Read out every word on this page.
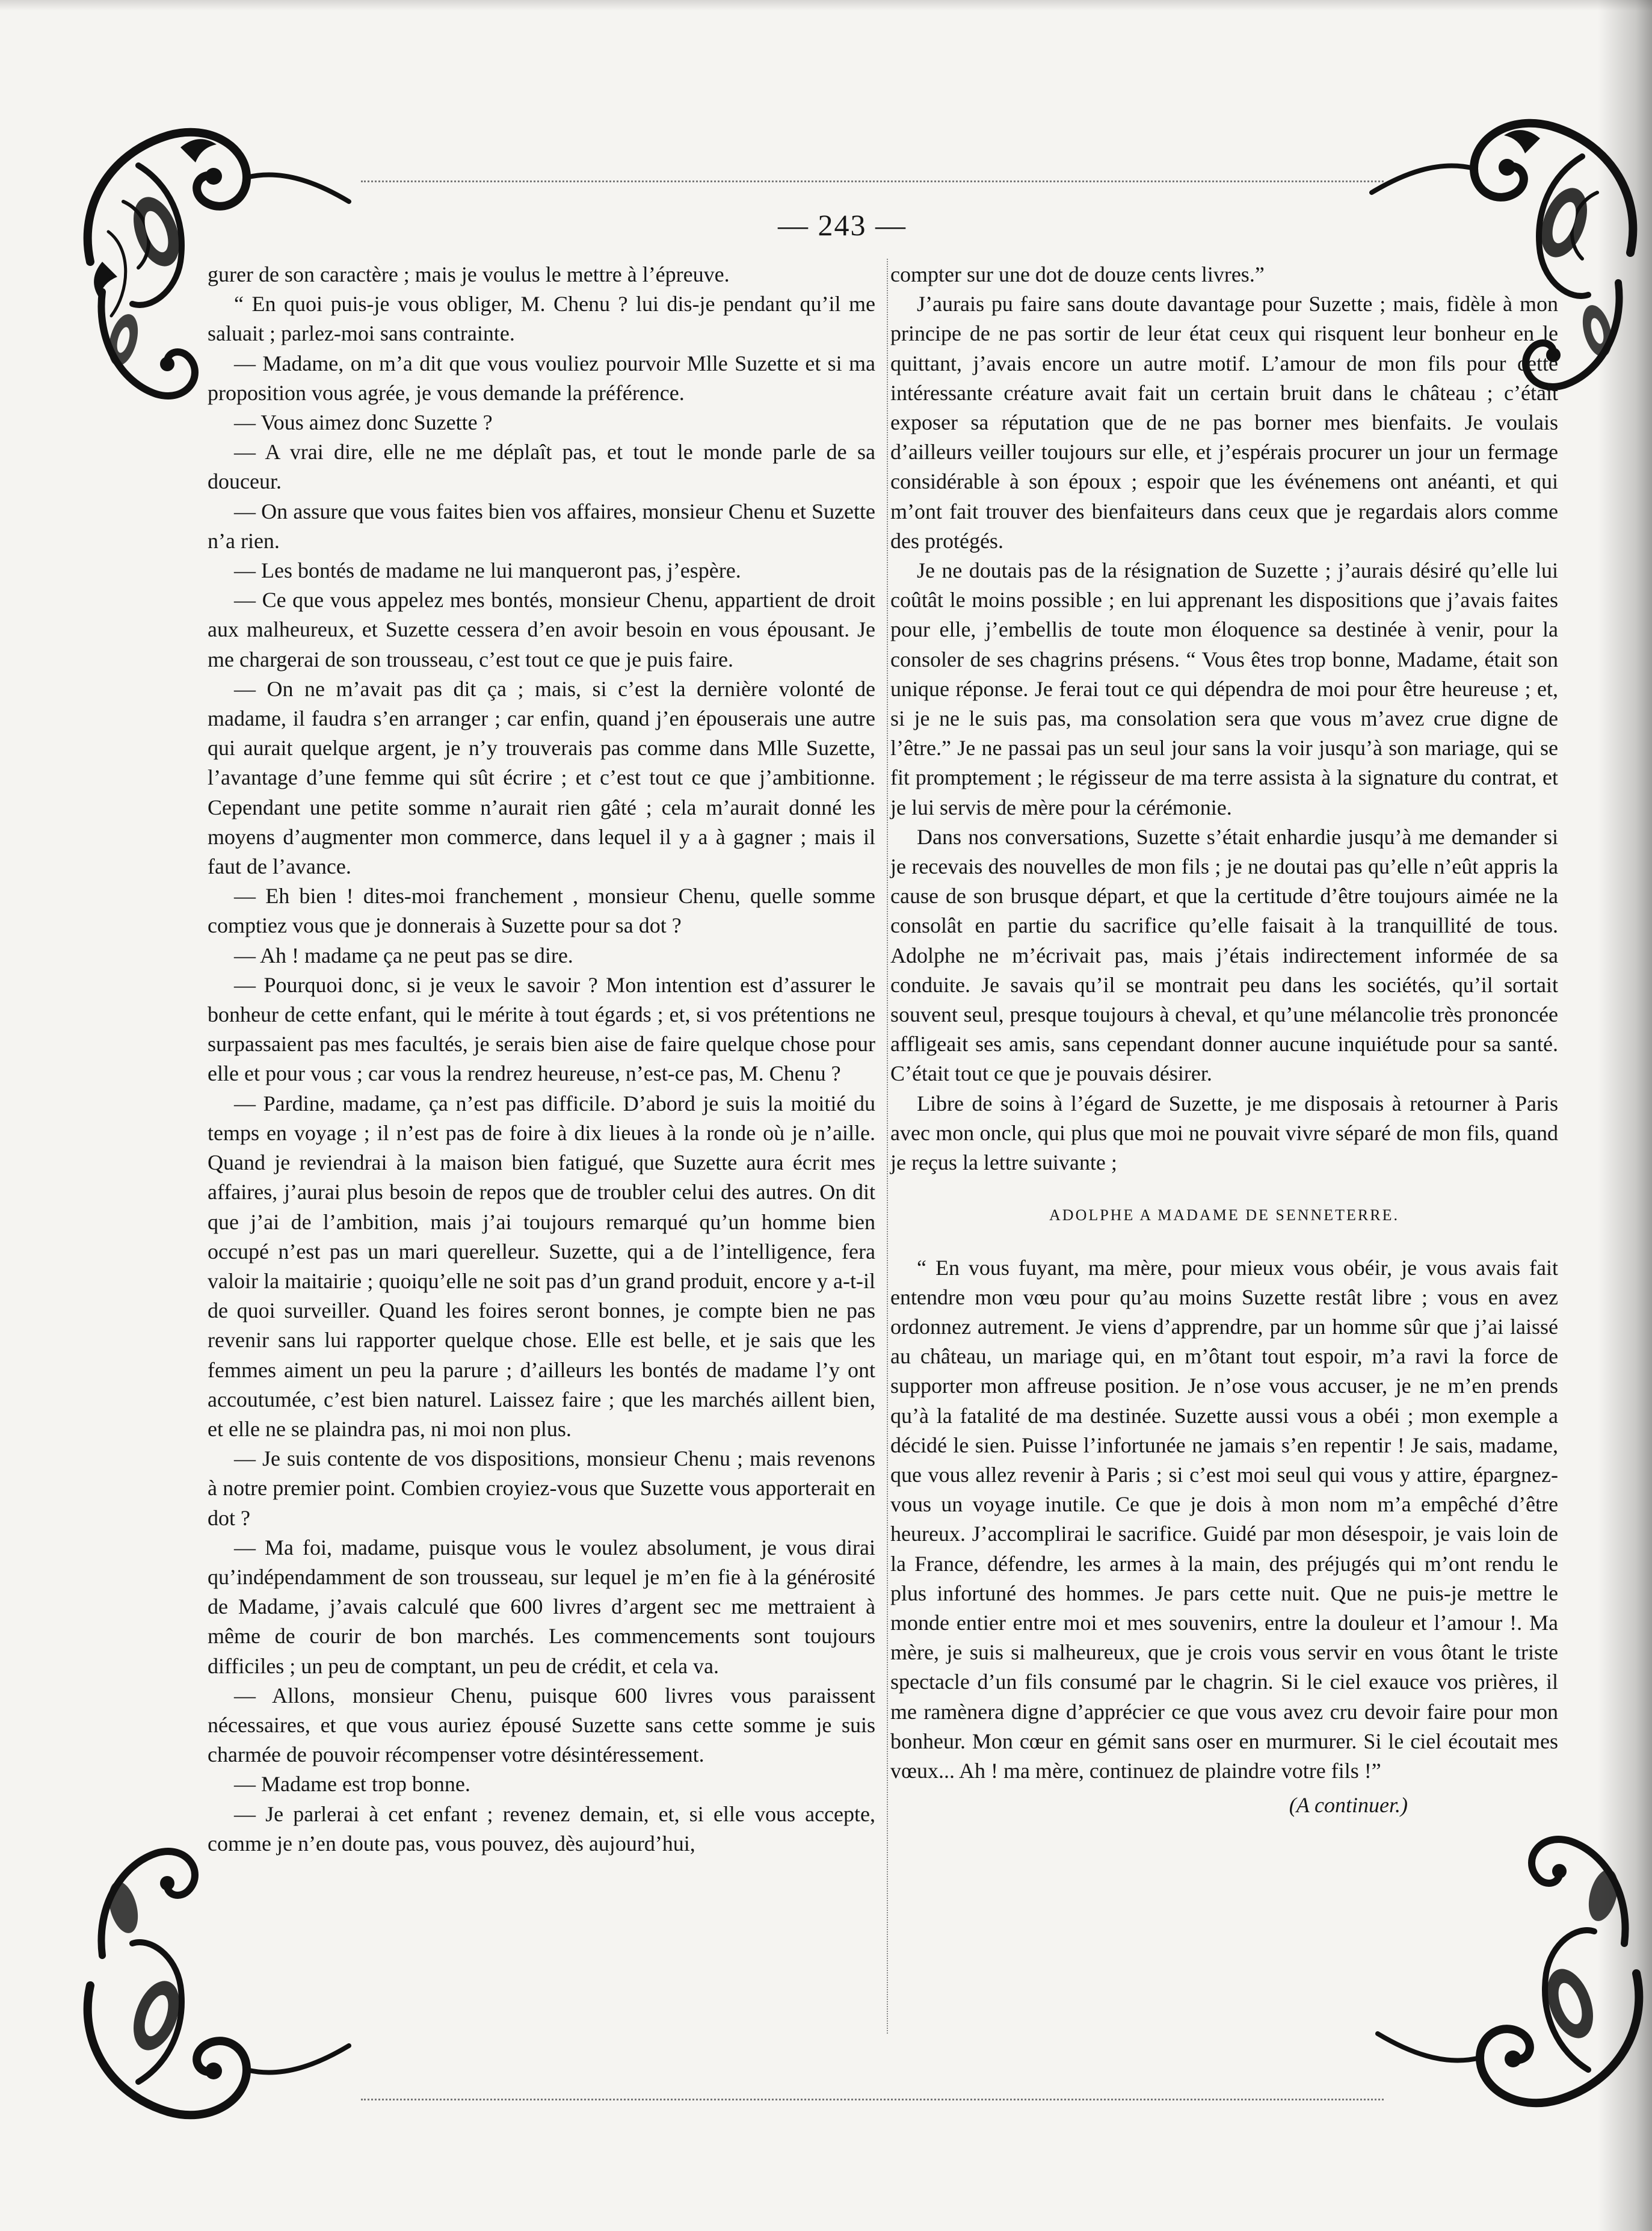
— 243 —

gurer de son caractère ; mais je voulus le mettre à l’épreuve.

“ En quoi puis-je vous obliger, M. Chenu ? lui dis-je pendant qu’il me saluait ; parlez-moi sans contrainte.

— Madame, on m’a dit que vous vouliez pourvoir Mlle Suzette et si ma proposition vous agrée, je vous demande la préférence.

— Vous aimez donc Suzette ?

— A vrai dire, elle ne me déplaît pas, et tout le monde parle de sa douceur.

— On assure que vous faites bien vos affaires, monsieur Chenu et Suzette n’a rien.

— Les bontés de madame ne lui manqueront pas, j’espère.

— Ce que vous appelez mes bontés, monsieur Chenu, appartient de droit aux malheureux, et Suzette cessera d’en avoir besoin en vous épousant. Je me chargerai de son trousseau, c’est tout ce que je puis faire.

— On ne m’avait pas dit ça ; mais, si c’est la dernière volonté de madame, il faudra s’en arranger ; car enfin, quand j’en épouserais une autre qui aurait quelque argent, je n’y trouverais pas comme dans Mlle Suzette, l’avantage d’une femme qui sût écrire ; et c’est tout ce que j’ambitionne. Cependant une petite somme n’aurait rien gâté ; cela m’aurait donné les moyens d’augmenter mon commerce, dans lequel il y a à gagner ; mais il faut de l’avance.

— Eh bien ! dites-moi franchement , monsieur Chenu, quelle somme comptiez vous que je donnerais à Suzette pour sa dot ?

— Ah ! madame ça ne peut pas se dire.

— Pourquoi donc, si je veux le savoir ? Mon intention est d’assurer le bonheur de cette enfant, qui le mérite à tout égards ; et, si vos prétentions ne surpassaient pas mes facultés, je serais bien aise de faire quelque chose pour elle et pour vous ; car vous la rendrez heureuse, n’est-ce pas, M. Chenu ?

— Pardine, madame, ça n’est pas difficile. D’abord je suis la moitié du temps en voyage ; il n’est pas de foire à dix lieues à la ronde où je n’aille. Quand je reviendrai à la maison bien fatigué, que Suzette aura écrit mes affaires, j’aurai plus besoin de repos que de troubler celui des autres. On dit que j’ai de l’ambition, mais j’ai toujours remarqué qu’un homme bien occupé n’est pas un mari querelleur. Suzette, qui a de l’intelligence, fera valoir la maitairie ; quoiqu’elle ne soit pas d’un grand produit, encore y a-t-il de quoi surveiller. Quand les foires seront bonnes, je compte bien ne pas revenir sans lui rapporter quelque chose. Elle est belle, et je sais que les femmes aiment un peu la parure ; d’ailleurs les bontés de madame l’y ont accoutumée, c’est bien naturel. Laissez faire ; que les marchés aillent bien, et elle ne se plaindra pas, ni moi non plus.

— Je suis contente de vos dispositions, monsieur Chenu ; mais revenons à notre premier point. Combien croyiez-vous que Suzette vous apporterait en dot ?

— Ma foi, madame, puisque vous le voulez absolument, je vous dirai qu’indépendamment de son trousseau, sur lequel je m’en fie à la générosité de Madame, j’avais calculé que 600 livres d’argent sec me mettraient à même de courir de bon marchés. Les commencements sont toujours difficiles ; un peu de comptant, un peu de crédit, et cela va.

— Allons, monsieur Chenu, puisque 600 livres vous paraissent nécessaires, et que vous auriez épousé Suzette sans cette somme je suis charmée de pouvoir récompenser votre désintéressement.

— Madame est trop bonne.

— Je parlerai à cet enfant ; revenez demain, et, si elle vous accepte, comme je n’en doute pas, vous pouvez, dès aujourd’hui,

compter sur une dot de douze cents livres.”

J’aurais pu faire sans doute davantage pour Suzette ; mais, fidèle à mon principe de ne pas sortir de leur état ceux qui risquent leur bonheur en le quittant, j’avais encore un autre motif. L’amour de mon fils pour cette intéressante créature avait fait un certain bruit dans le château ; c’était exposer sa réputation que de ne pas borner mes bienfaits. Je voulais d’ailleurs veiller toujours sur elle, et j’espérais procurer un jour un fermage considérable à son époux ; espoir que les événemens ont anéanti, et qui m’ont fait trouver des bienfaiteurs dans ceux que je regardais alors comme des protégés.

Je ne doutais pas de la résignation de Suzette ; j’aurais désiré qu’elle lui coûtât le moins possible ; en lui apprenant les dispositions que j’avais faites pour elle, j’embellis de toute mon éloquence sa destinée à venir, pour la consoler de ses chagrins présens. “ Vous êtes trop bonne, Madame, était son unique réponse. Je ferai tout ce qui dépendra de moi pour être heureuse ; et, si je ne le suis pas, ma consolation sera que vous m’avez crue digne de l’être.” Je ne passai pas un seul jour sans la voir jusqu’à son mariage, qui se fit promptement ; le régisseur de ma terre assista à la signature du contrat, et je lui servis de mère pour la cérémonie.

Dans nos conversations, Suzette s’était enhardie jusqu’à me demander si je recevais des nouvelles de mon fils ; je ne doutai pas qu’elle n’eût appris la cause de son brusque départ, et que la certitude d’être toujours aimée ne la consolât en partie du sacrifice qu’elle faisait à la tranquillité de tous. Adolphe ne m’écrivait pas, mais j’étais indirectement informée de sa conduite. Je savais qu’il se montrait peu dans les sociétés, qu’il sortait souvent seul, presque toujours à cheval, et qu’une mélancolie très prononcée affligeait ses amis, sans cependant donner aucune inquiétude pour sa santé. C’était tout ce que je pouvais désirer.

Libre de soins à l’égard de Suzette, je me disposais à retourner à Paris avec mon oncle, qui plus que moi ne pouvait vivre séparé de mon fils, quand je reçus la lettre suivante ;

ADOLPHE A MADAME DE SENNETERRE.

“ En vous fuyant, ma mère, pour mieux vous obéir, je vous avais fait entendre mon vœu pour qu’au moins Suzette restât libre ; vous en avez ordonnez autrement. Je viens d’apprendre, par un homme sûr que j’ai laissé au château, un mariage qui, en m’ôtant tout espoir, m’a ravi la force de supporter mon affreuse position. Je n’ose vous accuser, je ne m’en prends qu’à la fatalité de ma destinée. Suzette aussi vous a obéi ; mon exemple a décidé le sien. Puisse l’infortunée ne jamais s’en repentir ! Je sais, madame, que vous allez revenir à Paris ; si c’est moi seul qui vous y attire, épargnez-vous un voyage inutile. Ce que je dois à mon nom m’a empêché d’être heureux. J’accomplirai le sacrifice. Guidé par mon désespoir, je vais loin de la France, défendre, les armes à la main, des préjugés qui m’ont rendu le plus infortuné des hommes. Je pars cette nuit. Que ne puis-je mettre le monde entier entre moi et mes souvenirs, entre la douleur et l’amour !. Ma mère, je suis si malheureux, que je crois vous servir en vous ôtant le triste spectacle d’un fils consumé par le chagrin. Si le ciel exauce vos prières, il me ramènera digne d’apprécier ce que vous avez cru devoir faire pour mon bonheur. Mon cœur en gémit sans oser en murmurer. Si le ciel écoutait mes vœux... Ah ! ma mère, continuez de plaindre votre fils !”

(A continuer.)
